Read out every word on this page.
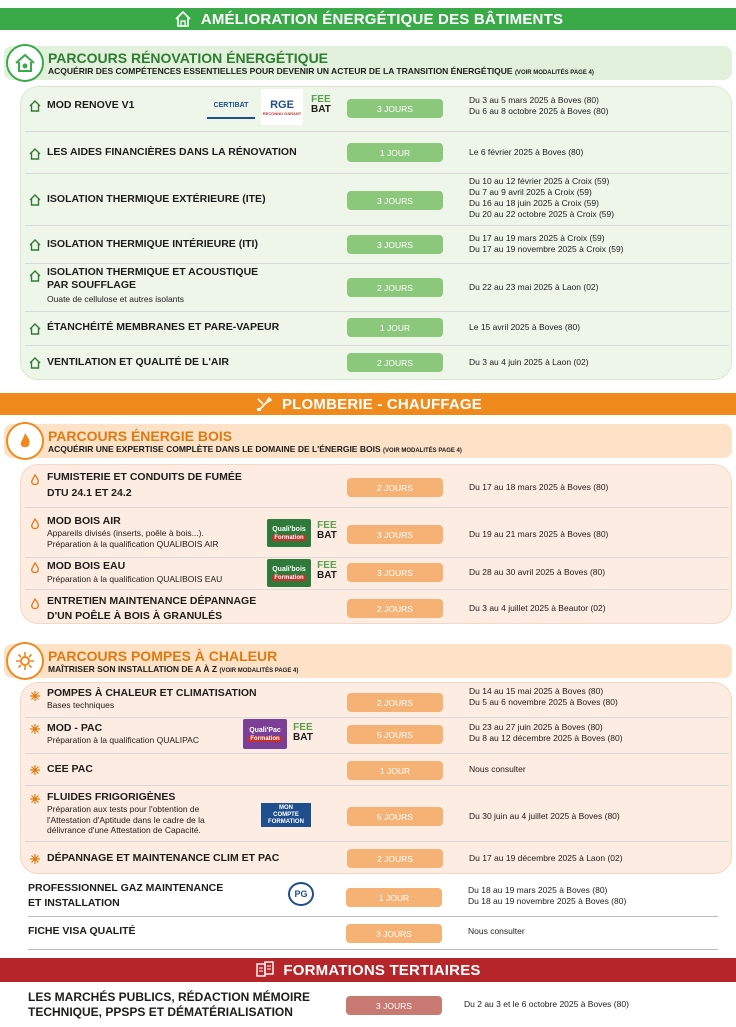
AMÉLIORATION ÉNERGÉTIQUE DES BÂTIMENTS
PARCOURS RÉNOVATION ÉNERGÉTIQUE
ACQUÉRIR DES COMPÉTENCES ESSENTIELLES POUR DEVENIR UN ACTEUR DE LA TRANSITION ÉNERGÉTIQUE (VOIR MODALITÉS PAGE 4)
MOD RENOVE V1	CERTIBAT	RGE
RECONNU GARANT
FEE
BAT	3 JOURS
Du 3 au 5 mars 2025 à Boves (80)
Du 6 au 8 octobre 2025 à Boves (80)
LES AIDES FINANCIÈRES DANS LA RÉNOVATION	1 JOUR	Le 6 février 2025 à Boves (80)
ISOLATION THERMIQUE EXTÉRIEURE (ITE)	3 JOURS
Du 10 au 12 février 2025 à Croix (59)
Du 7 au 9 avril 2025 à Croix (59)
Du 16 au 18 juin 2025 à Croix (59)
Du 20 au 22 octobre 2025 à Croix (59)
ISOLATION THERMIQUE INTÉRIEURE (ITI)	3 JOURS
Du 17 au 19 mars 2025 à Croix (59)
Du 17 au 19 novembre 2025 à Croix (59)
ISOLATION THERMIQUE ET ACOUSTIQUE
PAR SOUFFLAGE
Ouate de cellulose et autres isolants
2 JOURS	Du 22 au 23 mai 2025 à Laon (02)
ÉTANCHÉITÉ MEMBRANES ET PARE-VAPEUR	1 JOUR	Le 15 avril 2025 à Boves (80)
VENTILATION ET QUALITÉ DE L'AIR	2 JOURS	Du 3 au 4 juin 2025 à Laon (02)
PLOMBERIE - CHAUFFAGE
PARCOURS ÉNERGIE BOIS
ACQUÉRIR UNE EXPERTISE COMPLÈTE DANS LE DOMAINE DE L'ÉNERGIE BOIS (VOIR MODALITÉS PAGE 4)
FUMISTERIE ET CONDUITS DE FUMÉE
DTU 24.1 ET 24.2	2 JOURS	Du 17 au 18 mars 2025 à Boves (80)
MOD BOIS AIR
Appareils divisés (inserts, poêle à bois...).
Préparation à la qualification QUALIBOIS AIR
Quali'bois
Formation
FEE
BAT	3 JOURS	Du 19 au 21 mars 2025 à Boves (80)
MOD BOIS EAU
Préparation à la qualification QUALIBOIS EAU
Quali'bois
Formation
FEE
BAT	3 JOURS	Du 28 au 30 avril 2025 à Boves (80)
ENTRETIEN MAINTENANCE DÉPANNAGE
D'UN POÊLE À BOIS À GRANULÉS
2 JOURS	Du 3 au 4 juillet 2025 à Beautor (02)
PARCOURS POMPES À CHALEUR
MAÎTRISER SON INSTALLATION DE A À Z (VOIR MODALITÉS PAGE 4)
POMPES À CHALEUR ET CLIMATISATION
Bases techniques	2 JOURS
Du 14 au 15 mai 2025 à Boves (80)
Du 5 au 6 novembre 2025 à Boves (80)
MOD - PAC
Préparation à la qualification QUALIPAC
Quali'Pac
Formation
FEE
BAT	5 JOURS
Du 23 au 27 juin 2025 à Boves (80)
Du 8 au 12 décembre 2025 à Boves (80)
CEE PAC	1 JOUR	Nous consulter
FLUIDES FRIGORIGÈNES
Préparation aux tests pour l'obtention de
l'Attestation d'Aptitude dans le cadre de la
délivrance d'une Attestation de Capacité.
MON
COMPTE
FORMATION	5 JOURS	Du 30 juin au 4 juillet 2025 à Boves (80)
DÉPANNAGE ET MAINTENANCE CLIM ET PAC	2 JOURS	Du 17 au 19 décembre 2025 à Laon (02)
PROFESSIONNEL GAZ MAINTENANCE
ET INSTALLATION
PG	1 JOUR
Du 18 au 19 mars 2025 à Boves (80)
Du 18 au 19 novembre 2025 à Boves (80)
FICHE VISA QUALITÉ	3 JOURS	Nous consulter
FORMATIONS TERTIAIRES
LES MARCHÉS PUBLICS, RÉDACTION MÉMOIRE
TECHNIQUE, PPSPS ET DÉMATÉRIALISATION	3 JOURS	Du 2 au 3 et le 6 octobre 2025 à Boves (80)
